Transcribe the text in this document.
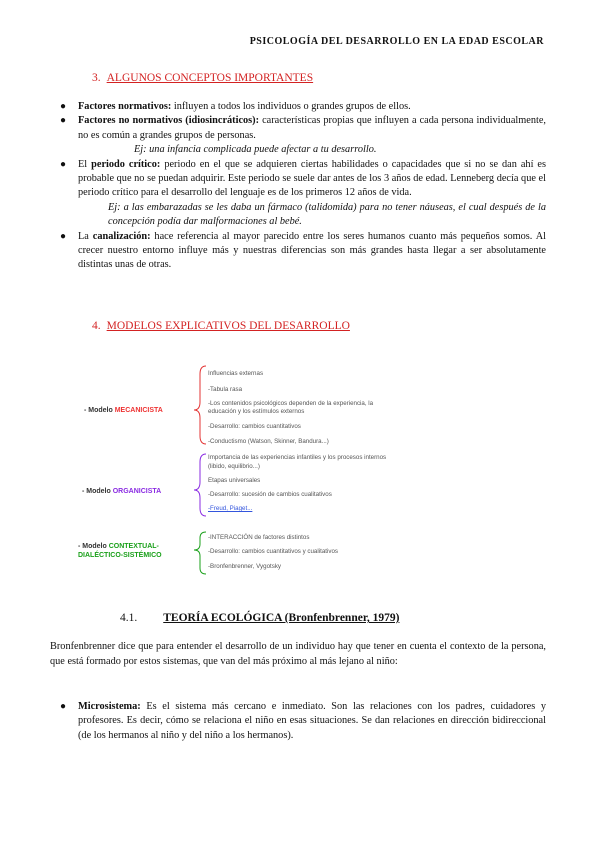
PSICOLOGÍA DEL DESARROLLO EN LA EDAD ESCOLAR
3. ALGUNOS CONCEPTOS IMPORTANTES
● Factores normativos: influyen a todos los individuos o grandes grupos de ellos.
● Factores no normativos (idiosincráticos): características propias que influyen a cada persona individualmente, no es común a grandes grupos de personas.
Ej: una infancia complicada puede afectar a tu desarrollo.
● El periodo crítico: periodo en el que se adquieren ciertas habilidades o capacidades que si no se dan ahí es probable que no se puedan adquirir. Este periodo se suele dar antes de los 3 años de edad. Lenneberg decía que el periodo crítico para el desarrollo del lenguaje es de los primeros 12 años de vida.
Ej: a las embarazadas se les daba un fármaco (talidomida) para no tener náuseas, el cual después de la concepción podía dar malformaciones al bebé.
● La canalización: hace referencia al mayor parecido entre los seres humanos cuanto más pequeños somos. Al crecer nuestro entorno influye más y nuestras diferencias son más grandes hasta llegar a ser absolutamente distintas unas de otras.
4. MODELOS EXPLICATIVOS DEL DESARROLLO
- Modelo MECANICISTA
Influencias externas
-Tabula rasa
-Los contenidos psicológicos dependen de la experiencia, la
educación y los estímulos externos
-Desarrollo: cambios cuantitativos
-Conductismo (Watson, Skinner, Bandura...)
- Modelo ORGANICISTA
Importancia de las experiencias infantiles y los procesos internos
(libido, equilibrio...)
Etapas universales
-Desarrollo: sucesión de cambios cualitativos
-Freud, Piaget...
- Modelo CONTEXTUAL-
DIALÉCTICO-SISTÉMICO
-INTERACCIÓN de factores distintos
-Desarrollo: cambios cuantitativos y cualitativos
-Bronfenbrenner, Vygotsky
4.1. TEORÍA ECOLÓGICA (Bronfenbrenner, 1979)
Bronfenbrenner dice que para entender el desarrollo de un individuo hay que tener en cuenta el contexto de la persona, que está formado por estos sistemas, que van del más próximo al más lejano al niño:
● Microsistema: Es el sistema más cercano e inmediato. Son las relaciones con los padres, cuidadores y profesores. Es decir, cómo se relaciona el niño en esas situaciones. Se dan relaciones en dirección bidireccional (de los hermanos al niño y del niño a los hermanos).
